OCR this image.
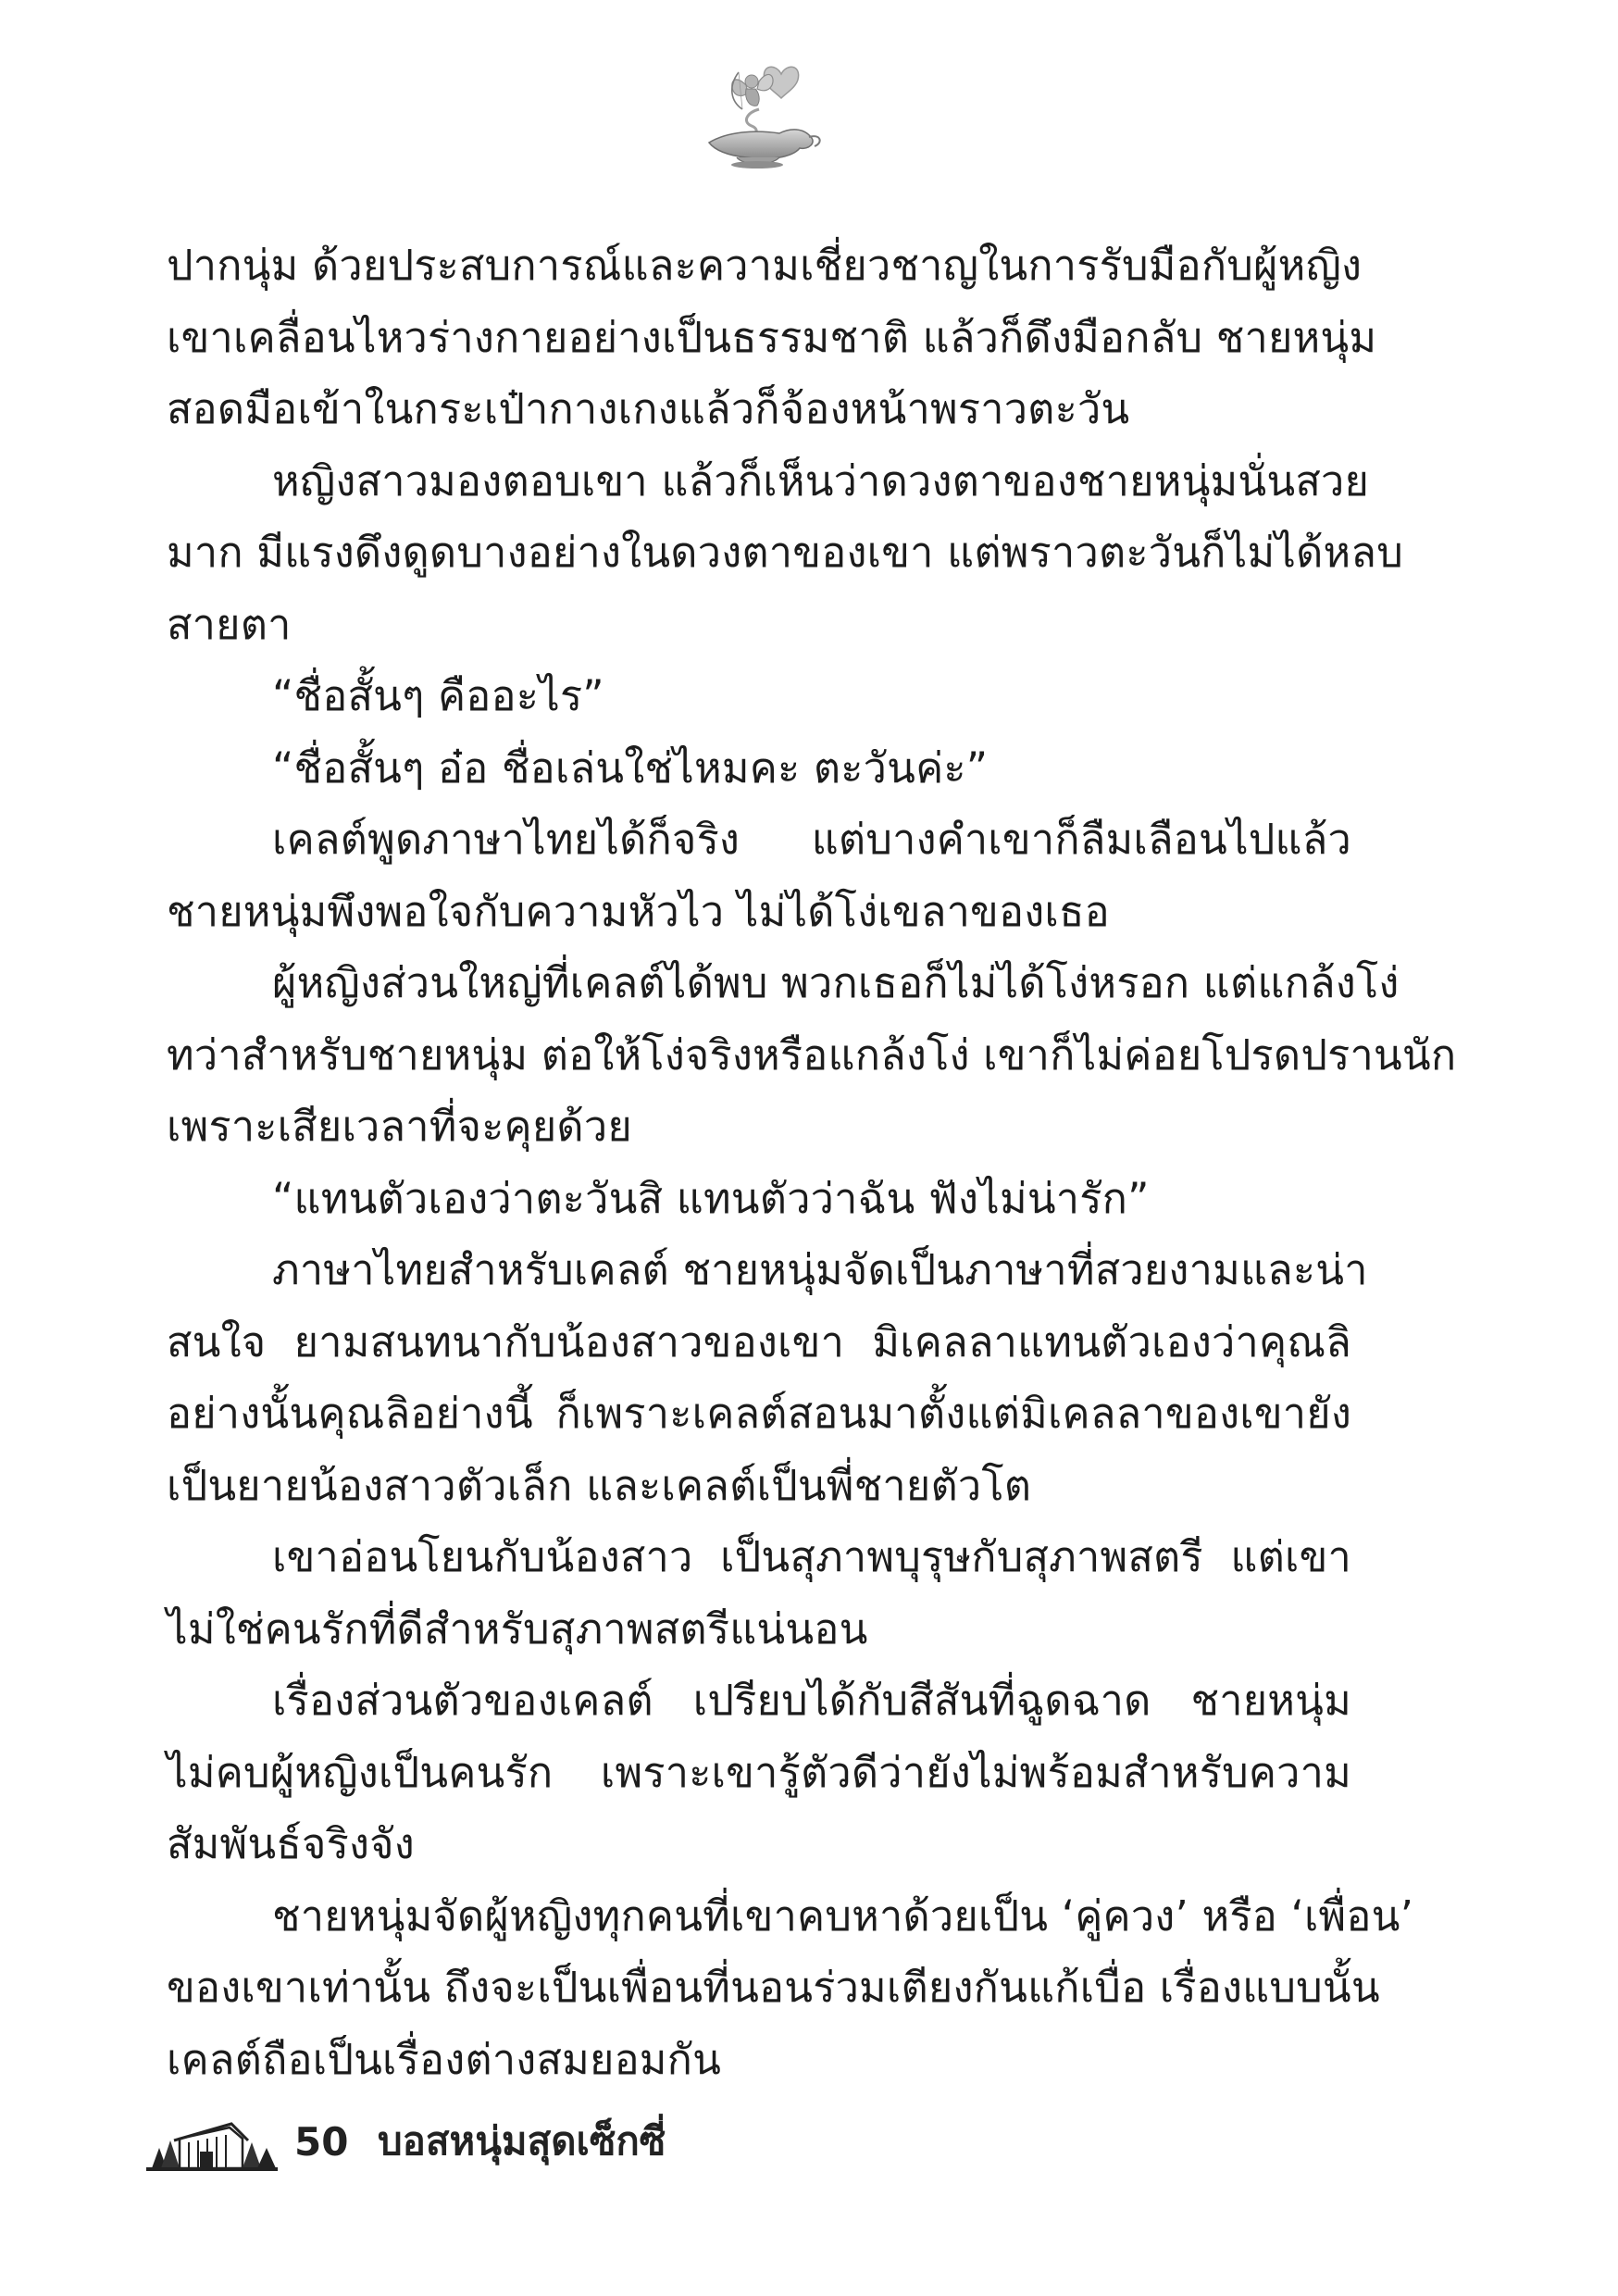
ปากนุ่ม ด้วยประสบการณ์และความเชี่ยวชาญในการรับมือกับผู้หญิง
เขาเคลื่อนไหวร่างกายอย่างเป็นธรรมชาติ แล้วก็ดึงมือกลับ ชายหนุ่ม
สอดมือเข้าในกระเป๋ากางเกงแล้วก็จ้องหน้าพราวตะวัน
หญิงสาวมองตอบเขา แล้วก็เห็นว่าดวงตาของชายหนุ่มนั่นสวย
มาก มีแรงดึงดูดบางอย่างในดวงตาของเขา แต่พราวตะวันก็ไม่ได้หลบ
สายตา
“ชื่อสั้นๆ คืออะไร”
“ชื่อสั้นๆ อ๋อ ชื่อเล่นใช่ไหมคะ ตะวันค่ะ”
เคลต์พูดภาษาไทยได้ก็จริง แต่บางคำเขาก็ลืมเลือนไปแล้ว
ชายหนุ่มพึงพอใจกับความหัวไว ไม่ได้โง่เขลาของเธอ
ผู้หญิงส่วนใหญ่ที่เคลต์ได้พบ พวกเธอก็ไม่ได้โง่หรอก แต่แกล้งโง่
ทว่าสำหรับชายหนุ่ม ต่อให้โง่จริงหรือแกล้งโง่ เขาก็ไม่ค่อยโปรดปรานนัก
เพราะเสียเวลาที่จะคุยด้วย
“แทนตัวเองว่าตะวันสิ แทนตัวว่าฉัน ฟังไม่น่ารัก”
ภาษาไทยสำหรับเคลต์ ชายหนุ่มจัดเป็นภาษาที่สวยงามและน่า
สนใจ ยามสนทนากับน้องสาวของเขา มิเคลลาแทนตัวเองว่าคุณลิ
อย่างนั้นคุณลิอย่างนี้ ก็เพราะเคลต์สอนมาตั้งแต่มิเคลลาของเขายัง
เป็นยายน้องสาวตัวเล็ก และเคลต์เป็นพี่ชายตัวโต
เขาอ่อนโยนกับน้องสาว เป็นสุภาพบุรุษกับสุภาพสตรี แต่เขา
ไม่ใช่คนรักที่ดีสำหรับสุภาพสตรีแน่นอน
เรื่องส่วนตัวของเคลต์ เปรียบได้กับสีสันที่ฉูดฉาด ชายหนุ่ม
ไม่คบผู้หญิงเป็นคนรัก เพราะเขารู้ตัวดีว่ายังไม่พร้อมสำหรับความ
สัมพันธ์จริงจัง
ชายหนุ่มจัดผู้หญิงทุกคนที่เขาคบหาด้วยเป็น ‘คู่ควง’ หรือ ‘เพื่อน’
ของเขาเท่านั้น ถึงจะเป็นเพื่อนที่นอนร่วมเตียงกันแก้เบื่อ เรื่องแบบนั้น
เคลต์ถือเป็นเรื่องต่างสมยอมกัน
50 บอสหนุ่มสุดเซ็กซี่
